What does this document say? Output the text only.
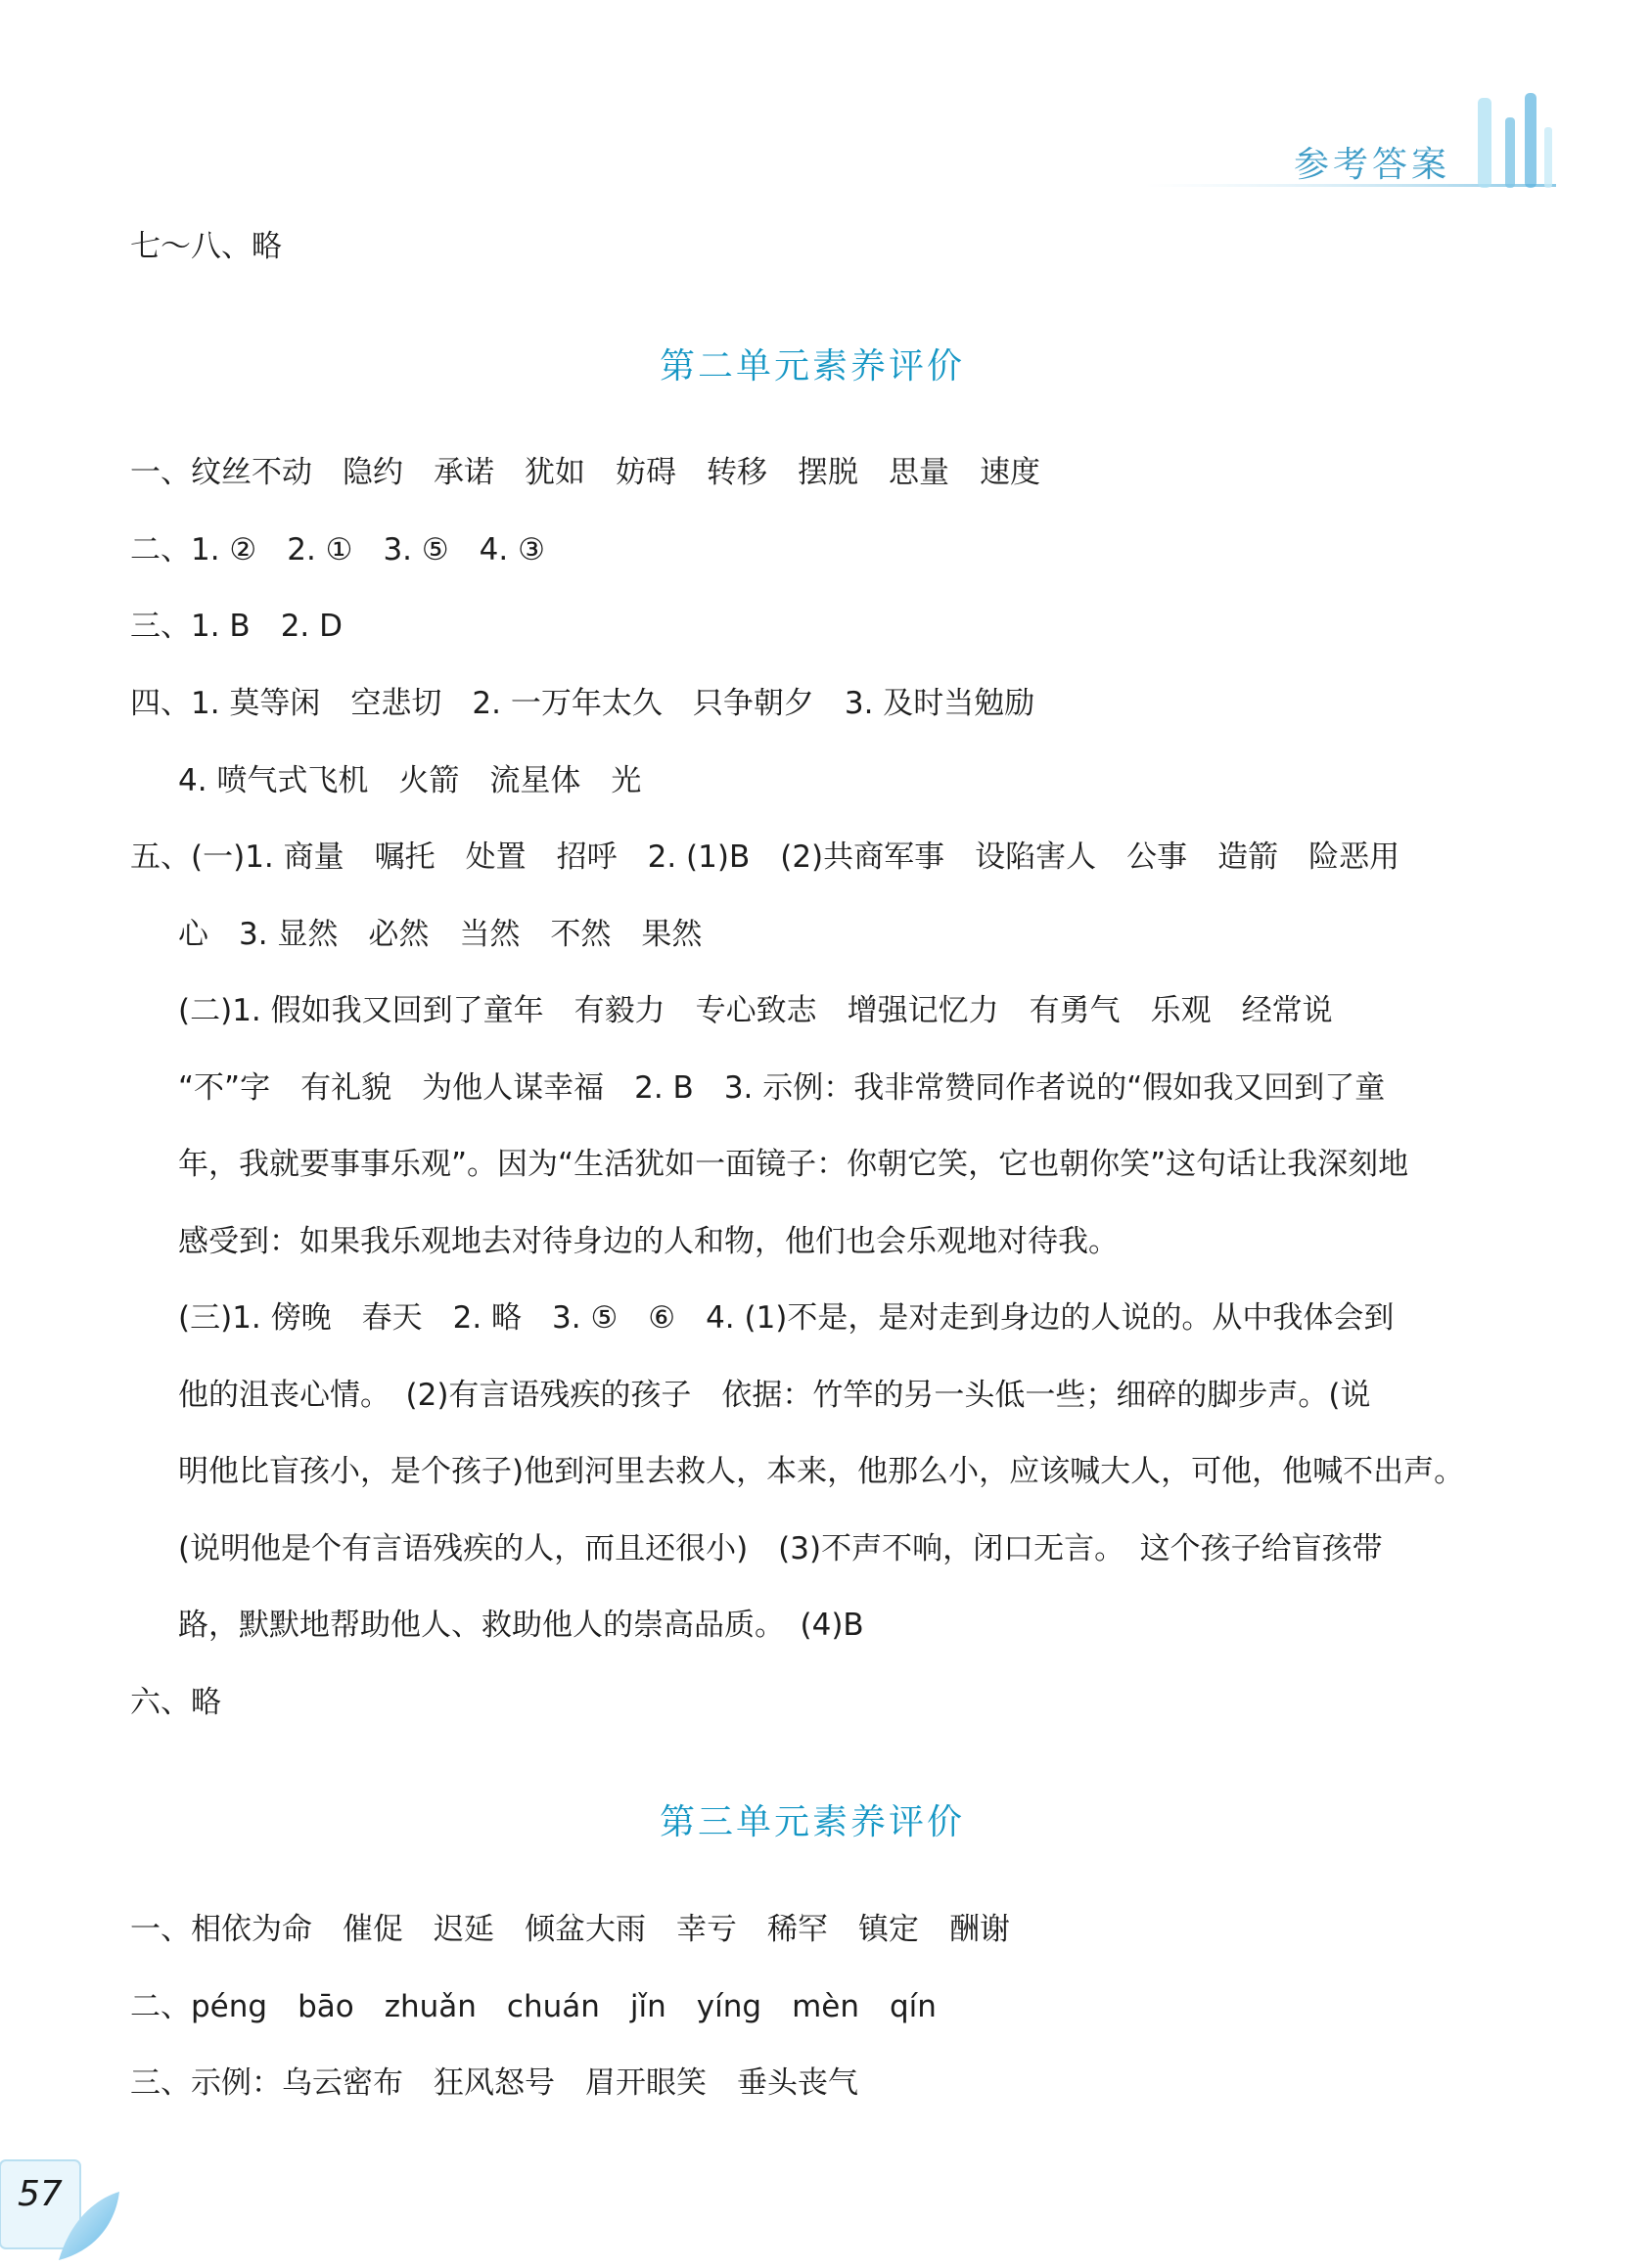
参考答案
七～八、略
第二单元素养评价
一、纹丝不动　隐约　承诺　犹如　妨碍　转移　摆脱　思量　速度
二、1. ②　2. ①　3. ⑤　4. ③
三、1. B　2. D
四、1. 莫等闲　空悲切　2. 一万年太久　只争朝夕　3. 及时当勉励
4. 喷气式飞机　火箭　流星体　光
五、(一)1. 商量　嘱托　处置　招呼　2. (1)B　(2)共商军事　设陷害人　公事　造箭　险恶用
心　3. 显然　必然　当然　不然　果然
(二)1. 假如我又回到了童年　有毅力　专心致志　增强记忆力　有勇气　乐观　经常说
“不”字　有礼貌　为他人谋幸福　2. B　3. 示例：我非常赞同作者说的“假如我又回到了童
年，我就要事事乐观”。因为“生活犹如一面镜子：你朝它笑，它也朝你笑”这句话让我深刻地
感受到：如果我乐观地去对待身边的人和物，他们也会乐观地对待我。
(三)1. 傍晚　春天　2. 略　3. ⑤　⑥　4. (1)不是，是对走到身边的人说的。从中我体会到
他的沮丧心情。　(2)有言语残疾的孩子　依据：竹竿的另一头低一些；细碎的脚步声。(说
明他比盲孩小，是个孩子)他到河里去救人，本来，他那么小，应该喊大人，可他，他喊不出声。
(说明他是个有言语残疾的人，而且还很小)　(3)不声不响，闭口无言。　这个孩子给盲孩带
路，默默地帮助他人、救助他人的崇高品质。　(4)B
六、略
第三单元素养评价
一、相依为命　催促　迟延　倾盆大雨　幸亏　稀罕　镇定　酬谢
二、péng　bāo　zhuǎn　chuán　jǐn　yíng　mèn　qín
三、示例：乌云密布　狂风怒号　眉开眼笑　垂头丧气
57
